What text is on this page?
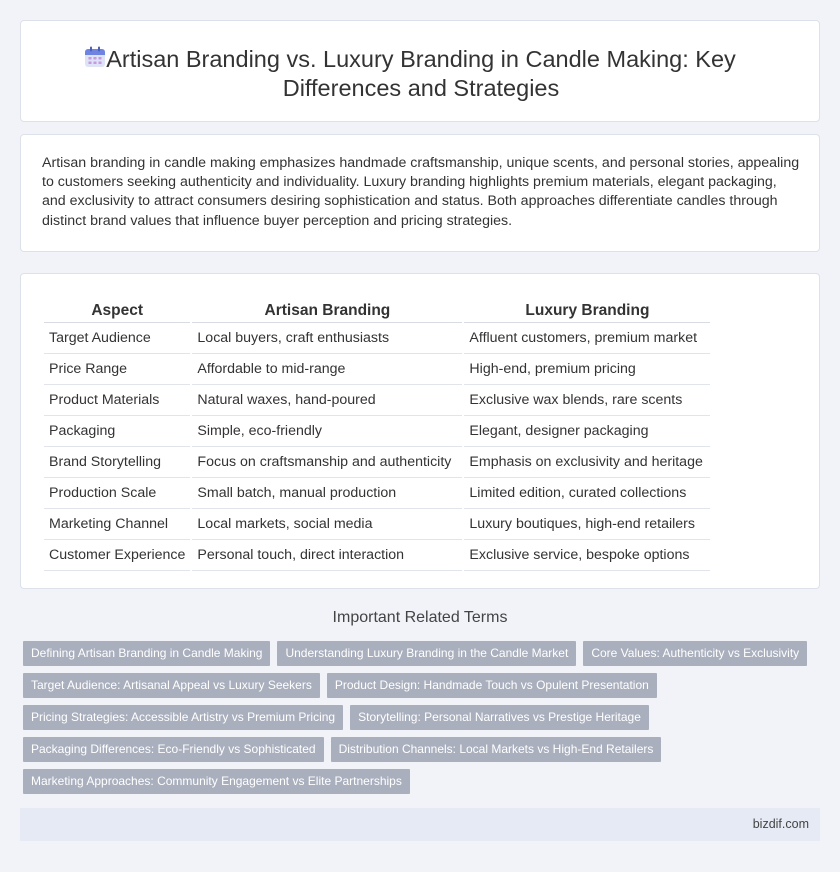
Artisan Branding vs. Luxury Branding in Candle Making: Key Differences and Strategies

Artisan branding in candle making emphasizes handmade craftsmanship, unique scents, and personal stories, appealing to customers seeking authenticity and individuality. Luxury branding highlights premium materials, elegant packaging, and exclusivity to attract consumers desiring sophistication and status. Both approaches differentiate candles through distinct brand values that influence buyer perception and pricing strategies.

Aspect	Artisan Branding	Luxury Branding
Target Audience	Local buyers, craft enthusiasts	Affluent customers, premium market
Price Range	Affordable to mid-range	High-end, premium pricing
Product Materials	Natural waxes, hand-poured	Exclusive wax blends, rare scents
Packaging	Simple, eco-friendly	Elegant, designer packaging
Brand Storytelling	Focus on craftsmanship and authenticity	Emphasis on exclusivity and heritage
Production Scale	Small batch, manual production	Limited edition, curated collections
Marketing Channel	Local markets, social media	Luxury boutiques, high-end retailers
Customer Experience	Personal touch, direct interaction	Exclusive service, bespoke options
Important Related Terms
Defining Artisan Branding in Candle Making	Understanding Luxury Branding in the Candle Market	Core Values: Authenticity vs Exclusivity
Target Audience: Artisanal Appeal vs Luxury Seekers	Product Design: Handmade Touch vs Opulent Presentation
Pricing Strategies: Accessible Artistry vs Premium Pricing	Storytelling: Personal Narratives vs Prestige Heritage
Packaging Differences: Eco-Friendly vs Sophisticated	Distribution Channels: Local Markets vs High-End Retailers
Marketing Approaches: Community Engagement vs Elite Partnerships
bizdif.com
